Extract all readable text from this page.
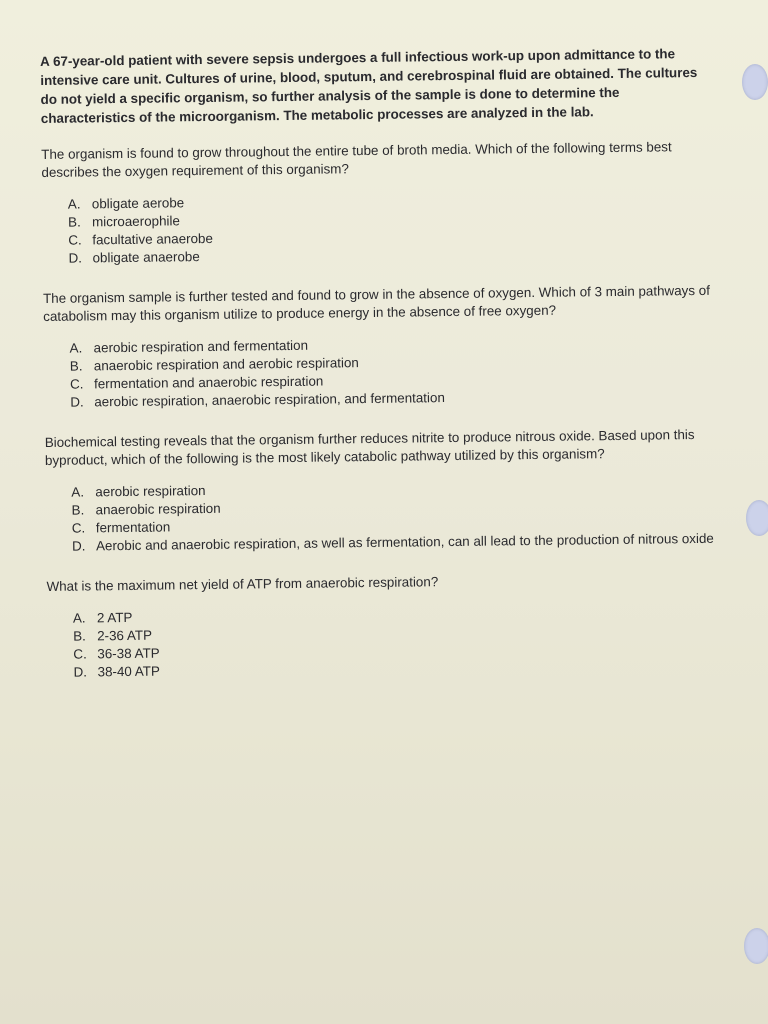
A 67-year-old patient with severe sepsis undergoes a full infectious work-up upon admittance to the intensive care unit. Cultures of urine, blood, sputum, and cerebrospinal fluid are obtained. The cultures do not yield a specific organism, so further analysis of the sample is done to determine the characteristics of the microorganism. The metabolic processes are analyzed in the lab.

The organism is found to grow throughout the entire tube of broth media. Which of the following terms best describes the oxygen requirement of this organism?

A. obligate aerobe
B. microaerophile
C. facultative anaerobe
D. obligate anaerobe

The organism sample is further tested and found to grow in the absence of oxygen. Which of 3 main pathways of catabolism may this organism utilize to produce energy in the absence of free oxygen?

A. aerobic respiration and fermentation
B. anaerobic respiration and aerobic respiration
C. fermentation and anaerobic respiration
D. aerobic respiration, anaerobic respiration, and fermentation

Biochemical testing reveals that the organism further reduces nitrite to produce nitrous oxide. Based upon this byproduct, which of the following is the most likely catabolic pathway utilized by this organism?

A. aerobic respiration
B. anaerobic respiration
C. fermentation
D. Aerobic and anaerobic respiration, as well as fermentation, can all lead to the production of nitrous oxide

What is the maximum net yield of ATP from anaerobic respiration?

A. 2 ATP
B. 2-36 ATP
C. 36-38 ATP
D. 38-40 ATP
